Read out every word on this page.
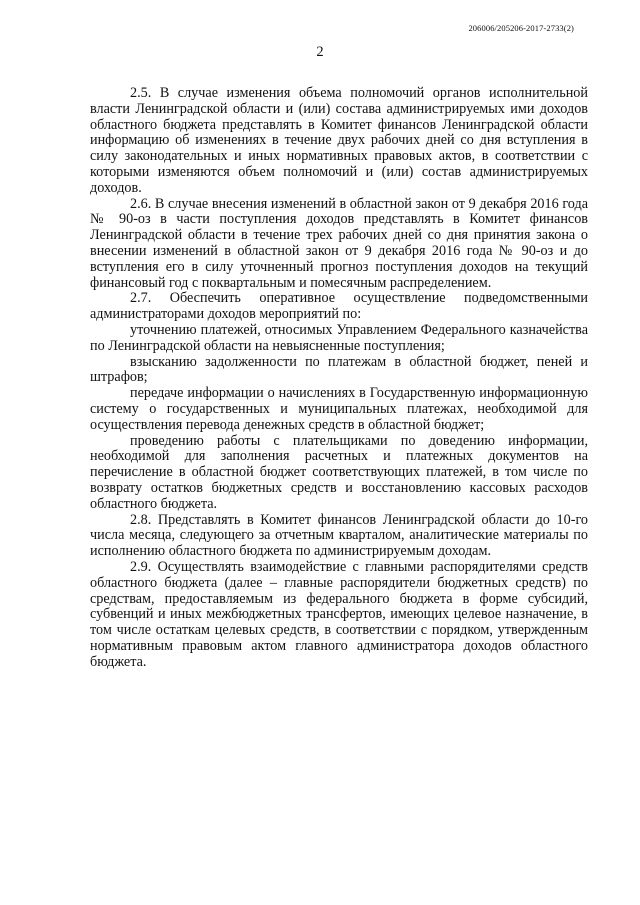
206006/205206-2017-2733(2)
2

2.5. В случае изменения объема полномочий органов исполнительной власти Ленинградской области и (или) состава администрируемых ими доходов областного бюджета представлять в Комитет финансов Ленинградской области информацию об изменениях в течение двух рабочих дней со дня вступления в силу законодательных и иных нормативных правовых актов, в соответствии с которыми изменяются объем полномочий и (или) состав администрируемых доходов.

2.6. В случае внесения изменений в областной закон от 9 декабря 2016 года № 90-оз в части поступления доходов представлять в Комитет финансов Ленинградской области в течение трех рабочих дней со дня принятия закона о внесении изменений в областной закон от 9 декабря 2016 года № 90-оз и до вступления его в силу уточненный прогноз поступления доходов на текущий финансовый год с поквартальным и помесячным распределением.

2.7. Обеспечить оперативное осуществление подведомственными администраторами доходов мероприятий по:

уточнению платежей, относимых Управлением Федерального казначейства по Ленинградской области на невыясненные поступления;

взысканию задолженности по платежам в областной бюджет, пеней и штрафов;

передаче информации о начислениях в Государственную информационную систему о государственных и муниципальных платежах, необходимой для осуществления перевода денежных средств в областной бюджет;

проведению работы с плательщиками по доведению информации, необходимой для заполнения расчетных и платежных документов на перечисление в областной бюджет соответствующих платежей, в том числе по возврату остатков бюджетных средств и восстановлению кассовых расходов областного бюджета.

2.8. Представлять в Комитет финансов Ленинградской области до 10-го числа месяца, следующего за отчетным кварталом, аналитические материалы по исполнению областного бюджета по администрируемым доходам.

2.9. Осуществлять взаимодействие с главными распорядителями средств областного бюджета (далее – главные распорядители бюджетных средств) по средствам, предоставляемым из федерального бюджета в форме субсидий, субвенций и иных межбюджетных трансфертов, имеющих целевое назначение, в том числе остаткам целевых средств, в соответствии с порядком, утвержденным нормативным правовым актом главного администратора доходов областного бюджета.
